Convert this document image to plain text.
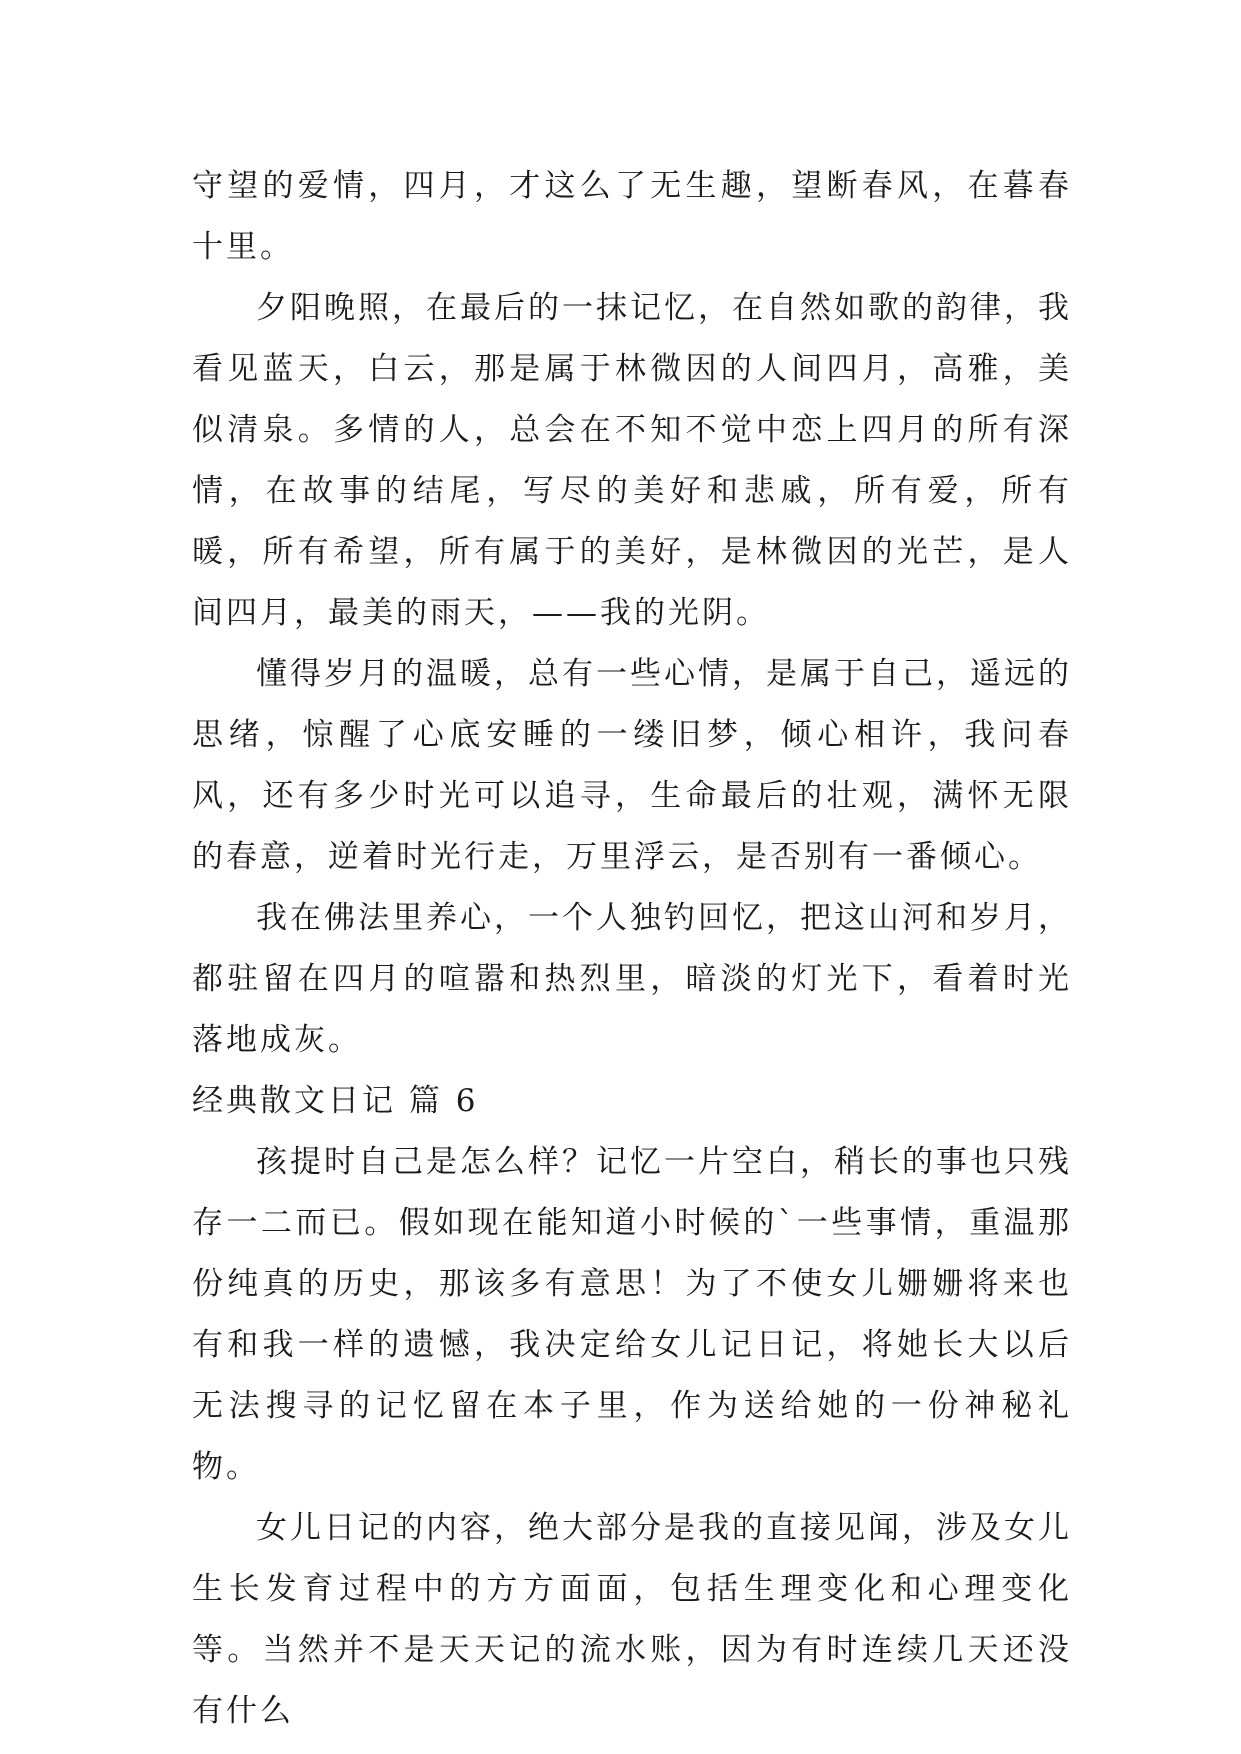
守望的爱情，四月，才这么了无生趣，望断春风，在暮春十里。

夕阳晚照，在最后的一抹记忆，在自然如歌的韵律，我看见蓝天，白云，那是属于林微因的人间四月，高雅，美似清泉。多情的人，总会在不知不觉中恋上四月的所有深情，在故事的结尾，写尽的美好和悲戚，所有爱，所有暖，所有希望，所有属于的美好，是林微因的光芒，是人间四月，最美的雨天，——我的光阴。

懂得岁月的温暖，总有一些心情，是属于自己，遥远的思绪，惊醒了心底安睡的一缕旧梦，倾心相许，我问春风，还有多少时光可以追寻，生命最后的壮观，满怀无限的春意，逆着时光行走，万里浮云，是否别有一番倾心。

我在佛法里养心，一个人独钓回忆，把这山河和岁月，都驻留在四月的喧嚣和热烈里，暗淡的灯光下，看着时光落地成灰。

经典散文日记 篇 6

孩提时自己是怎么样？记忆一片空白，稍长的事也只残存一二而已。假如现在能知道小时候的`一些事情，重温那份纯真的历史，那该多有意思！为了不使女儿姗姗将来也有和我一样的遗憾，我决定给女儿记日记，将她长大以后无法搜寻的记忆留在本子里，作为送给她的一份神秘礼物。

女儿日记的内容，绝大部分是我的直接见闻，涉及女儿生长发育过程中的方方面面，包括生理变化和心理变化等。当然并不是天天记的流水账，因为有时连续几天还没有什么
